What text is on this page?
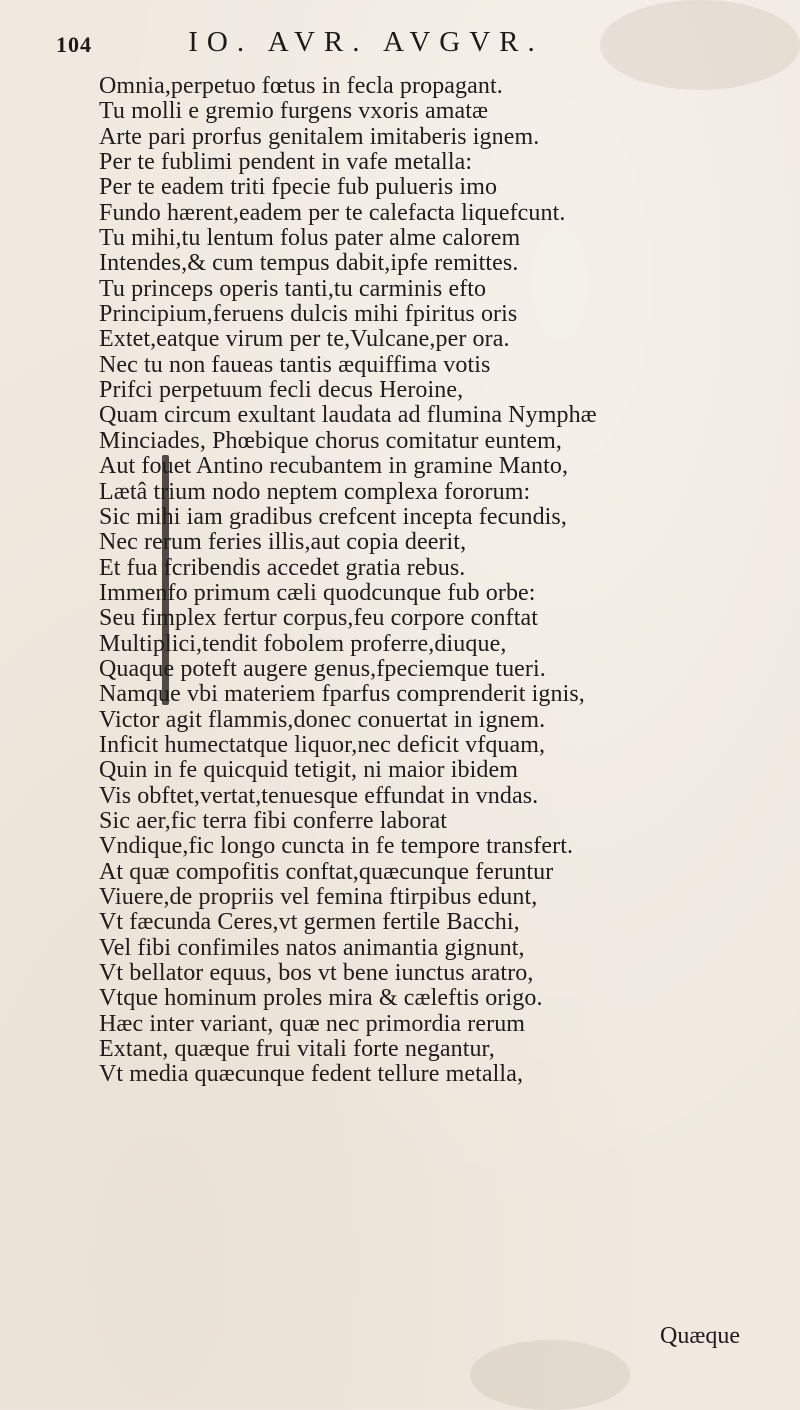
104	IO. AVR. AVGVR.
Omnia,perpetuo fœtus in fecla propagant.
Tu molli e gremio furgens vxoris amatæ
Arte pari prorfus genitalem imitaberis ignem.
Per te fublimi pendent in vafe metalla:
Per te eadem triti fpecie fub pulueris imo
Fundo hærent,eadem per te calefacta liquefcunt.
Tu mihi,tu lentum folus pater alme calorem
Intendes,& cum tempus dabit,ipfe remittes.
Tu princeps operis tanti,tu carminis efto
Principium,feruens dulcis mihi fpiritus oris
Extet,eatque virum per te,Vulcane,per ora.
Nec tu non faueas tantis æquiffima votis
Prifci perpetuum fecli decus Heroine,
Quam circum exultant laudata ad flumina Nymphæ
Minciades, Phœbique chorus comitatur euntem,
Aut fouet Antino recubantem in gramine Manto,
Lætâ trium nodo neptem complexa fororum:
Sic mihi iam gradibus crefcent incepta fecundis,
Nec rerum feries illis,aut copia deerit,
Et fua fcribendis accedet gratia rebus.
Immenfo primum cæli quodcunque fub orbe:
Seu fimplex fertur corpus,feu corpore conftat
Multiplici,tendit fobolem proferre,diuque,
Quaque poteft augere genus,fpeciemque tueri.
Namque vbi materiem fparfus comprenderit ignis,
Victor agit flammis,donec conuertat in ignem.
Inficit humectatque liquor,nec deficit vfquam,
Quin in fe quicquid tetigit, ni maior ibidem
Vis obftet,vertat,tenuesque effundat in vndas.
Sic aer,fic terra fibi conferre laborat
Vndique,fic longo cuncta in fe tempore transfert.
At quæ compofitis conftat,quæcunque feruntur
Viuere,de propriis vel femina ftirpibus edunt,
Vt fæcunda Ceres,vt germen fertile Bacchi,
Vel fibi confimiles natos animantia gignunt,
Vt bellator equus, bos vt bene iunctus aratro,
Vtque hominum proles mira & cæleftis origo.
Hæc inter variant, quæ nec primordia rerum
Extant, quæque frui vitali forte negantur,
Vt media quæcunque fedent tellure metalla,
Quæque
